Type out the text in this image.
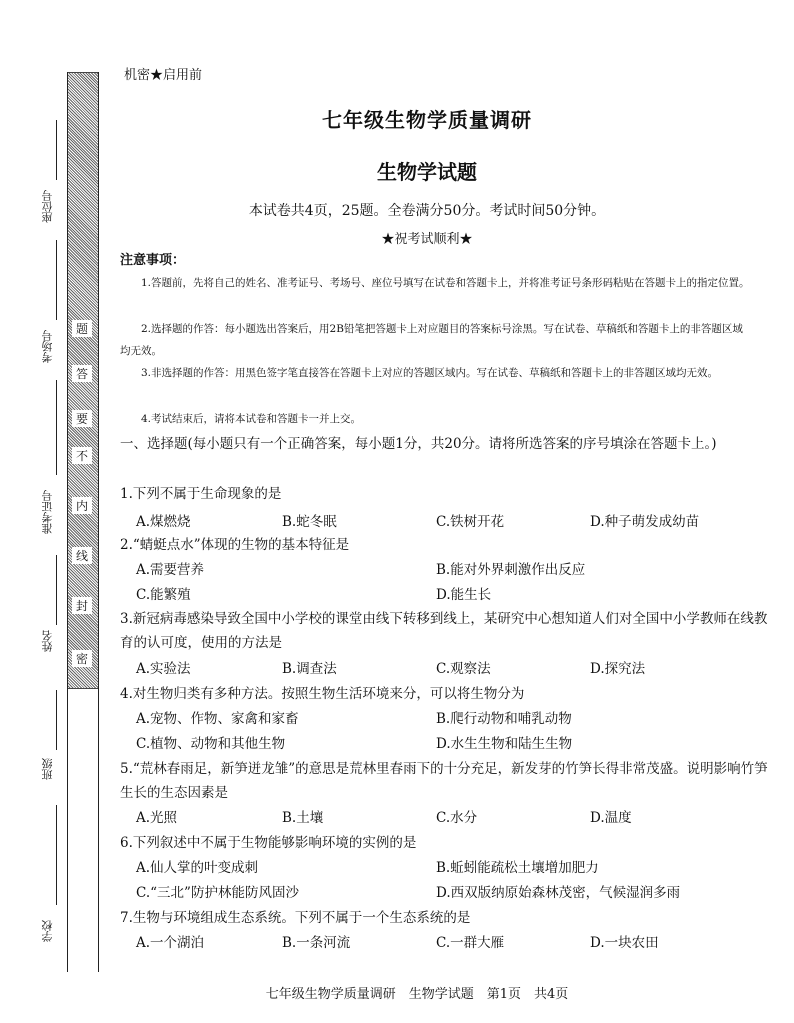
密
封
线
内
不
要
答
题
座位号
考场号
准考证号
姓名
班级
学校
机密★启用前
七年级生物学质量调研
生物学试题
本试卷共4页，25题。全卷满分50分。考试时间50分钟。
★祝考试顺利★
注意事项：
1.答题前，先将自己的姓名、准考证号、考场号、座位号填写在试卷和答题卡上，并将准考证号条形码粘贴在答题卡上的指定位置。
2.选择题的作答：每小题选出答案后，用2B铅笔把答题卡上对应题目的答案标号涂黑。写在试卷、草稿纸和答题卡上的非答题区域均无效。
3.非选择题的作答：用黑色签字笔直接答在答题卡上对应的答题区域内。写在试卷、草稿纸和答题卡上的非答题区域均无效。
4.考试结束后，请将本试卷和答题卡一并上交。
一、选择题(每小题只有一个正确答案，每小题1分，共20分。请将所选答案的序号填涂在答题卡上。)
1.下列不属于生命现象的是
A.煤燃烧	B.蛇冬眠	C.铁树开花	D.种子萌发成幼苗
2.“蜻蜓点水”体现的生物的基本特征是
A.需要营养	B.能对外界刺激作出反应
C.能繁殖	D.能生长
3.新冠病毒感染导致全国中小学校的课堂由线下转移到线上，某研究中心想知道人们对全国中小学教师在线教育的认可度，使用的方法是
A.实验法	B.调查法	C.观察法	D.探究法
4.对生物归类有多种方法。按照生物生活环境来分，可以将生物分为
A.宠物、作物、家禽和家畜	B.爬行动物和哺乳动物
C.植物、动物和其他生物	D.水生生物和陆生生物
5.“荒林春雨足，新笋迸龙雏”的意思是荒林里春雨下的十分充足，新发芽的竹笋长得非常茂盛。说明影响竹笋生长的生态因素是
A.光照	B.土壤	C.水分	D.温度
6.下列叙述中不属于生物能够影响环境的实例的是
A.仙人掌的叶变成刺	B.蚯蚓能疏松土壤增加肥力
C.“三北”防护林能防风固沙	D.西双版纳原始森林茂密，气候湿润多雨
7.生物与环境组成生态系统。下列不属于一个生态系统的是
A.一个湖泊	B.一条河流	C.一群大雁	D.一块农田
七年级生物学质量调研　生物学试题　第1页　共4页
